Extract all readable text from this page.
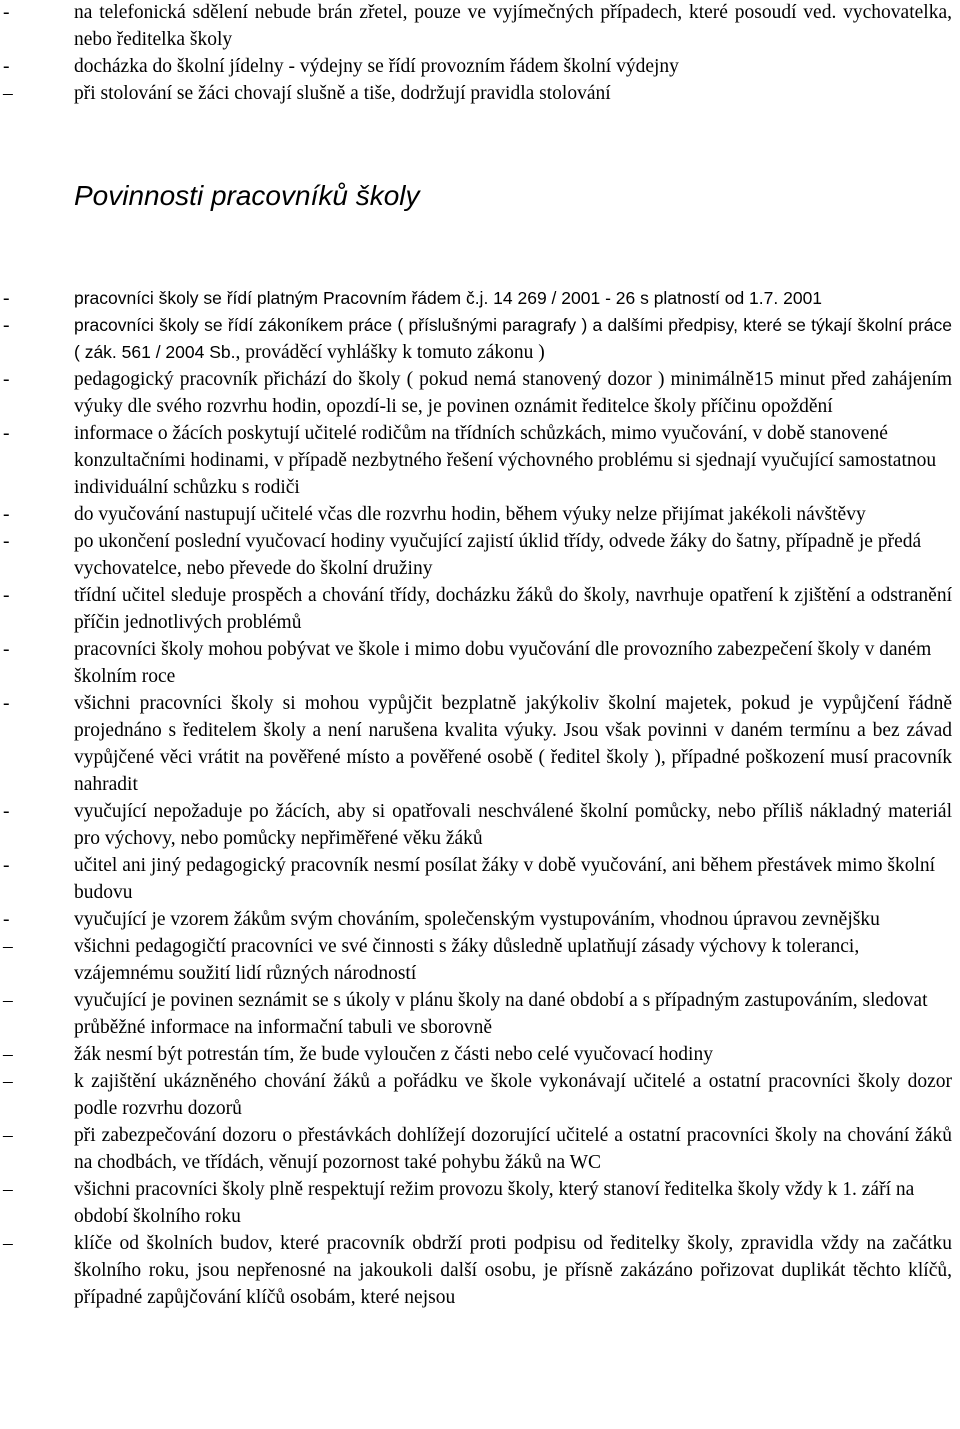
-	na telefonická sdělení nebude brán zřetel, pouze ve vyjímečných případech, které posoudí ved. vychovatelka, nebo ředitelka školy
-	docházka do školní jídelny - výdejny se řídí provozním řádem školní výdejny
–	při stolování se žáci chovají slušně a tiše, dodržují pravidla stolování
Povinnosti pracovníků školy
-	pracovníci školy se řídí platným Pracovním řádem č.j. 14 269 / 2001 - 26 s platností od 1.7. 2001
-	pracovníci školy se řídí zákoníkem práce ( příslušnými paragrafy ) a dalšími předpisy, které se týkají školní práce ( zák. 561 / 2004 Sb., prováděcí vyhlášky k tomuto zákonu )
-	pedagogický pracovník přichází do školy ( pokud nemá stanovený dozor ) minimálně15 minut před zahájením výuky dle svého rozvrhu hodin, opozdí-li se, je povinen oznámit ředitelce školy příčinu opoždění
-	informace o žácích poskytují učitelé rodičům na třídních schůzkách, mimo vyučování, v době stanovené konzultačními hodinami, v případě nezbytného řešení výchovného problému si sjednají vyučující samostatnou individuální schůzku s rodiči
-	do vyučování nastupují učitelé včas dle rozvrhu hodin, během výuky nelze přijímat jakékoli návštěvy
-	po ukončení poslední vyučovací hodiny vyučující zajistí úklid třídy, odvede žáky do šatny, případně je předá vychovatelce, nebo převede do školní družiny
-	třídní učitel sleduje prospěch a chování třídy, docházku žáků do školy, navrhuje opatření k zjištění a odstranění příčin jednotlivých problémů
-	pracovníci školy mohou pobývat ve škole i mimo dobu vyučování dle provozního zabezpečení školy v daném školním roce
-	všichni pracovníci školy si mohou vypůjčit bezplatně jakýkoliv školní majetek, pokud je vypůjčení řádně projednáno s ředitelem školy a není narušena kvalita výuky. Jsou však povinni v daném termínu a bez závad vypůjčené věci vrátit na pověřené místo a pověřené osobě ( ředitel školy ), případné poškození musí pracovník nahradit
-	vyučující nepožaduje po žácích, aby si opatřovali neschválené školní pomůcky, nebo příliš nákladný materiál pro výchovy, nebo pomůcky nepřiměřené věku žáků
-	učitel ani jiný pedagogický pracovník nesmí posílat žáky v době vyučování, ani během přestávek mimo školní budovu
-	vyučující je vzorem žákům svým chováním, společenským vystupováním, vhodnou úpravou zevnějšku
–	všichni pedagogičtí pracovníci ve své činnosti s žáky důsledně uplatňují zásady výchovy k toleranci, vzájemnému soužití lidí různých národností
–	vyučující je povinen seznámit se s úkoly v plánu školy na dané období a s případným zastupováním, sledovat průběžné informace na informační tabuli ve sborovně
–	žák nesmí být potrestán tím, že bude vyloučen z části nebo celé vyučovací hodiny
–	k zajištění ukázněného chování žáků a pořádku ve škole vykonávají učitelé a ostatní pracovníci školy dozor podle rozvrhu dozorů
–	při zabezpečování dozoru o přestávkách dohlížejí dozorující učitelé a ostatní pracovníci školy na chování žáků na chodbách, ve třídách, věnují pozornost také pohybu žáků na WC
–	všichni pracovníci školy plně respektují režim provozu školy, který stanoví ředitelka školy vždy k 1. září na období školního roku
–	klíče od školních budov, které pracovník obdrží proti podpisu od ředitelky školy, zpravidla vždy na začátku školního roku, jsou nepřenosné na jakoukoli další osobu, je přísně zakázáno pořizovat duplikát těchto klíčů, případné zapůjčování klíčů osobám, které nejsou
